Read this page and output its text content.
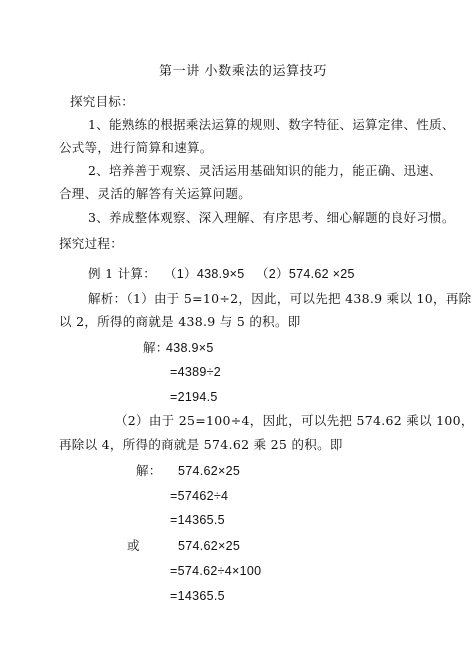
第一讲 小数乘法的运算技巧
探究目标：
1、能熟练的根据乘法运算的规则、数字特征、运算定律、性质、
公式等，进行简算和速算。
2、培养善于观察、灵活运用基础知识的能力，能正确、迅速、
合理、灵活的解答有关运算问题。
3、养成整体观察、深入理解、有序思考、细心解题的良好习惯。
探究过程：
例 1 计算： （1）438.9×5 （2）574.62 ×25
解析：（1）由于 5=10÷2，因此，可以先把 438.9 乘以 10，再除
以 2，所得的商就是 438.9 与 5 的积。即
解：
438.9×5
=4389÷2
=2194.5
（2）由于 25=100÷4，因此，可以先把 574.62 乘以 100，
再除以 4，所得的商就是 574.62 乘 25 的积。即
解： 574.62×25
=57462÷4
=14365.5
或	574.62×25
=574.62÷4×100
=14365.5
